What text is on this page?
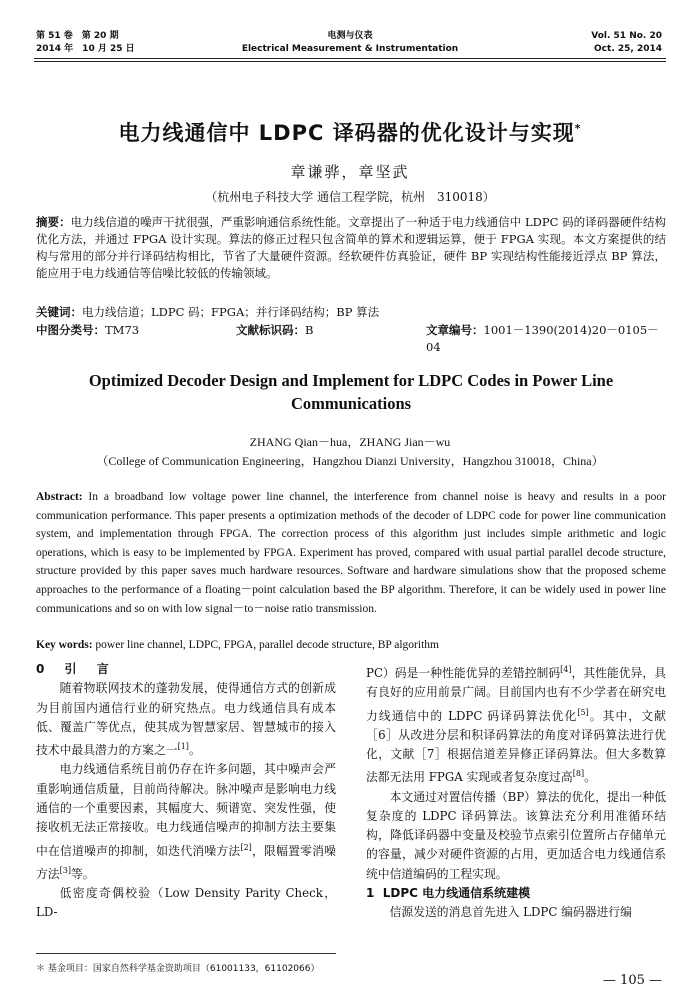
第 51 卷　第 20 期
2014 年　10 月 25 日
电测与仪表
Electrical Measurement & Instrumentation
Vol. 51 No. 20
Oct. 25, 2014
电力线通信中 LDPC 译码器的优化设计与实现*
章谦骅，章坚武
（杭州电子科技大学 通信工程学院，杭州　310018）
摘要：电力线信道的噪声干扰很强，严重影响通信系统性能。文章提出了一种适于电力线通信中 LDPC 码的译码器硬件结构优化方法，并通过 FPGA 设计实现。算法的修正过程只包含简单的算术和逻辑运算，便于 FPGA 实现。本文方案提供的结构与常用的部分并行译码结构相比，节省了大量硬件资源。经软硬件仿真验证，硬件 BP 实现结构性能接近浮点 BP 算法，能应用于电力线通信等信噪比较低的传输领域。
关键词：电力线信道；LDPC 码；FPGA；并行译码结构；BP 算法
中图分类号：TM73	文献标识码：B	文章编号：1001－1390(2014)20－0105－04
Optimized Decoder Design and Implement for LDPC Codes in Power Line Communications
ZHANG Qian－hua，ZHANG Jian－wu
（College of Communication Engineering，Hangzhou Dianzi University，Hangzhou 310018，China）
Abstract: In a broadband low voltage power line channel, the interference from channel noise is heavy and results in a poor communication performance. This paper presents a optimization methods of the decoder of LDPC code for power line communication system, and implementation through FPGA. The correction process of this algorithm just includes simple arithmetic and logic operations, which is easy to be implemented by FPGA. Experiment has proved, compared with usual partial parallel decode structure, structure provided by this paper saves much hardware resources. Software and hardware simulations show that the proposed scheme approaches to the performance of a floating－point calculation based the BP algorithm. Therefore, it can be widely used in power line communications and so on with low signal－to－noise ratio transmission.
Key words: power line channel, LDPC, FPGA, parallel decode structure, BP algorithm
0 引 言

随着物联网技术的蓬勃发展，使得通信方式的创新成为目前国内通信行业的研究热点。电力线通信具有成本低、覆盖广等优点，使其成为智慧家居、智慧城市的接入技术中最具潜力的方案之一[1]。

电力线通信系统目前仍存在许多问题，其中噪声会严重影响通信质量，目前尚待解决。脉冲噪声是影响电力线通信的一个重要因素，其幅度大、频谱宽、突发性强，使接收机无法正常接收。电力线通信噪声的抑制方法主要集中在信道噪声的抑制，如迭代消噪方法[2]，限幅置零消噪方法[3]等。

低密度奇偶校验（Low Density Parity Check，LD-

PC）码是一种性能优异的差错控制码[4]，其性能优异，具有良好的应用前景广阔。目前国内也有不少学者在研究电力线通信中的 LDPC 码译码算法优化[5]。其中，文献［6］从改进分层和积译码算法的角度对译码算法进行优化，文献［7］根据信道差异修正译码算法。但大多数算法都无法用 FPGA 实现或者复杂度过高[8]。

本文通过对置信传播（BP）算法的优化，提出一种低复杂度的 LDPC 译码算法。该算法充分利用准循环结构，降低译码器中变量及校验节点索引位置所占存储单元的容量，减少对硬件资源的占用，更加适合电力线通信系统中信道编码的工程实现。

1 LDPC 电力线通信系统建模

信源发送的消息首先进入 LDPC 编码器进行编

＊ 基金项目：国家自然科学基金资助项目（61001133，61102066）
— 105 —
